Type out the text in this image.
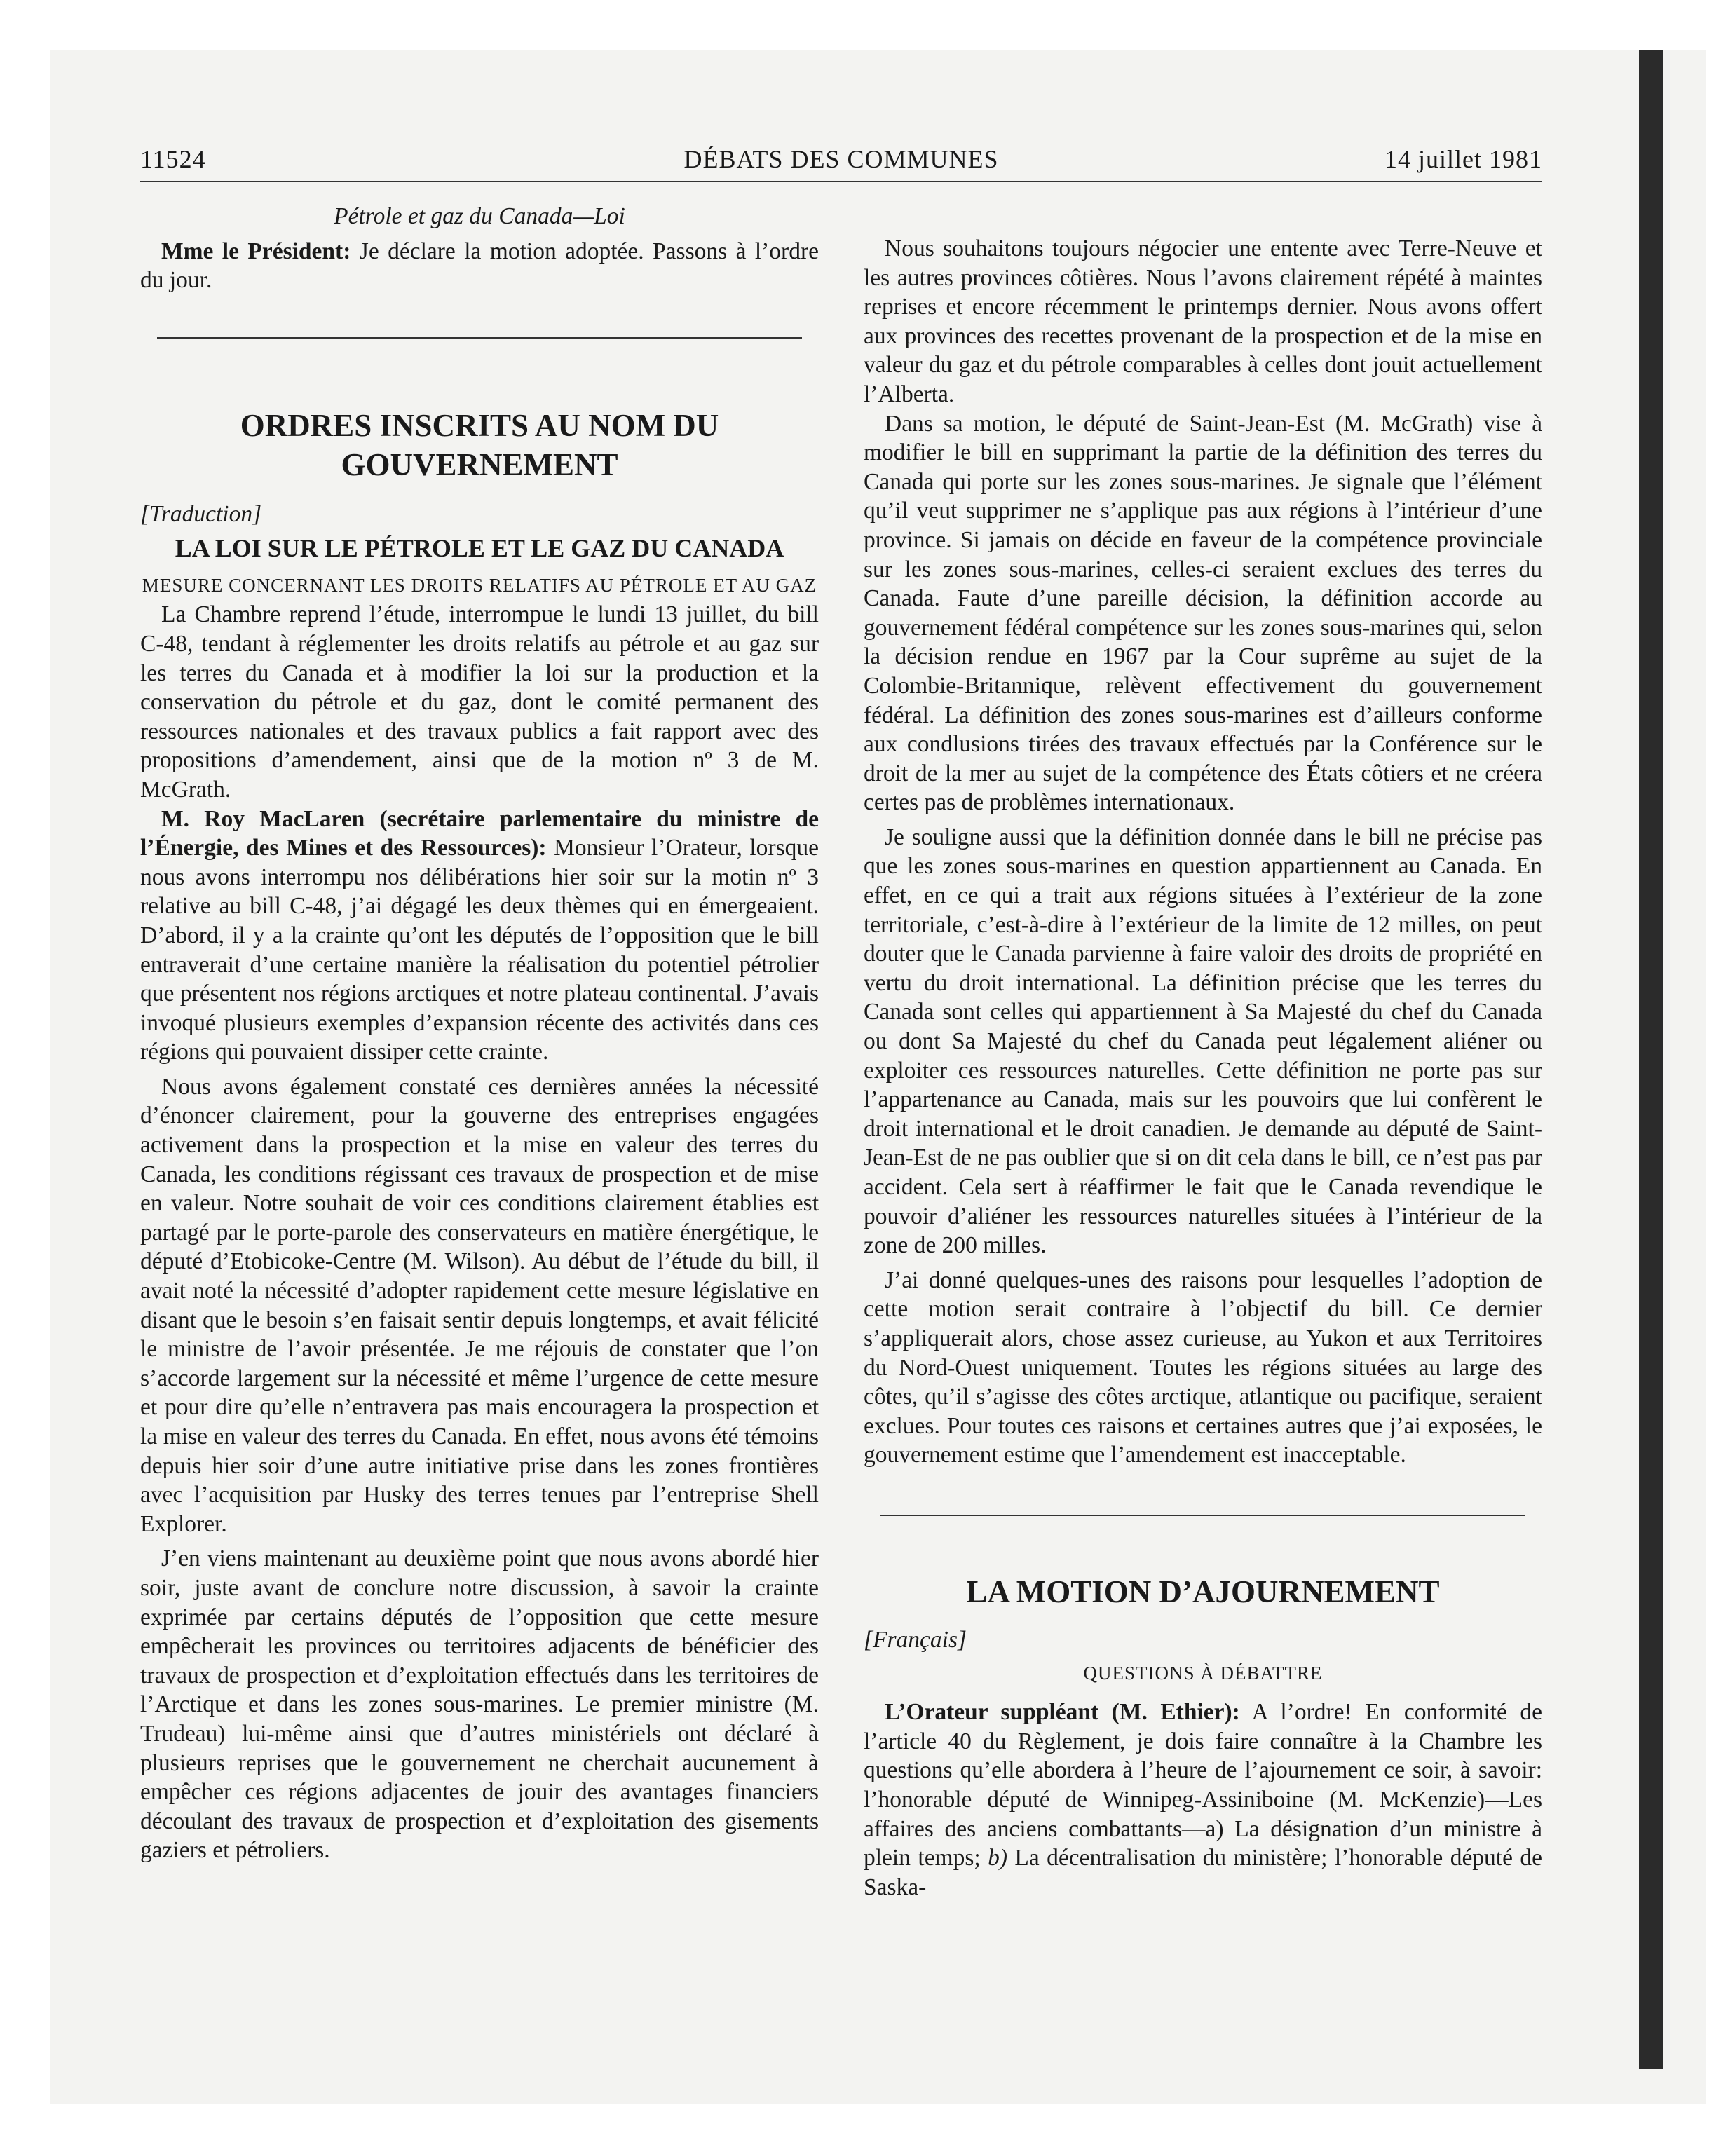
11524	DÉBATS DES COMMUNES	14 juillet 1981
Pétrole et gaz du Canada—Loi

Mme le Président: Je déclare la motion adoptée. Passons à l’ordre du jour.

ORDRES INSCRITS AU NOM DU GOUVERNEMENT
[Traduction]
LA LOI SUR LE PÉTROLE ET LE GAZ DU CANADA
MESURE CONCERNANT LES DROITS RELATIFS AU PÉTROLE ET AU GAZ

La Chambre reprend l’étude, interrompue le lundi 13 juillet, du bill C-48, tendant à réglementer les droits relatifs au pétrole et au gaz sur les terres du Canada et à modifier la loi sur la production et la conservation du pétrole et du gaz, dont le comité permanent des ressources nationales et des travaux publics a fait rapport avec des propositions d’amendement, ainsi que de la motion nº 3 de M. McGrath.

M. Roy MacLaren (secrétaire parlementaire du ministre de l’Énergie, des Mines et des Ressources): Monsieur l’Orateur, lorsque nous avons interrompu nos délibérations hier soir sur la motin nº 3 relative au bill C-48, j’ai dégagé les deux thèmes qui en émergeaient. D’abord, il y a la crainte qu’ont les députés de l’opposition que le bill entraverait d’une certaine manière la réalisation du potentiel pétrolier que présentent nos régions arctiques et notre plateau continental. J’avais invoqué plusieurs exemples d’expansion récente des activités dans ces régions qui pouvaient dissiper cette crainte.

Nous avons également constaté ces dernières années la nécessité d’énoncer clairement, pour la gouverne des entreprises engagées activement dans la prospection et la mise en valeur des terres du Canada, les conditions régissant ces travaux de prospection et de mise en valeur. Notre souhait de voir ces conditions clairement établies est partagé par le porte-parole des conservateurs en matière énergétique, le député d’Etobicoke-Centre (M. Wilson). Au début de l’étude du bill, il avait noté la nécessité d’adopter rapidement cette mesure législative en disant que le besoin s’en faisait sentir depuis longtemps, et avait félicité le ministre de l’avoir présentée. Je me réjouis de constater que l’on s’accorde largement sur la nécessité et même l’urgence de cette mesure et pour dire qu’elle n’entravera pas mais encouragera la prospection et la mise en valeur des terres du Canada. En effet, nous avons été témoins depuis hier soir d’une autre initiative prise dans les zones frontières avec l’acquisition par Husky des terres tenues par l’entreprise Shell Explorer.

J’en viens maintenant au deuxième point que nous avons abordé hier soir, juste avant de conclure notre discussion, à savoir la crainte exprimée par certains députés de l’opposition que cette mesure empêcherait les provinces ou territoires adjacents de bénéficier des travaux de prospection et d’exploitation effectués dans les territoires de l’Arctique et dans les zones sous-marines. Le premier ministre (M. Trudeau) lui-même ainsi que d’autres ministériels ont déclaré à plusieurs reprises que le gouvernement ne cherchait aucunement à empêcher ces régions adjacentes de jouir des avantages financiers découlant des travaux de prospection et d’exploitation des gisements gaziers et pétroliers.

Nous souhaitons toujours négocier une entente avec Terre-Neuve et les autres provinces côtières. Nous l’avons clairement répété à maintes reprises et encore récemment le printemps dernier. Nous avons offert aux provinces des recettes provenant de la prospection et de la mise en valeur du gaz et du pétrole comparables à celles dont jouit actuellement l’Alberta.

Dans sa motion, le député de Saint-Jean-Est (M. McGrath) vise à modifier le bill en supprimant la partie de la définition des terres du Canada qui porte sur les zones sous-marines. Je signale que l’élément qu’il veut supprimer ne s’applique pas aux régions à l’intérieur d’une province. Si jamais on décide en faveur de la compétence provinciale sur les zones sous-marines, celles-ci seraient exclues des terres du Canada. Faute d’une pareille décision, la définition accorde au gouvernement fédéral compétence sur les zones sous-marines qui, selon la décision rendue en 1967 par la Cour suprême au sujet de la Colombie-Britannique, relèvent effectivement du gouvernement fédéral. La définition des zones sous-marines est d’ailleurs conforme aux condlusions tirées des travaux effectués par la Conférence sur le droit de la mer au sujet de la compétence des États côtiers et ne créera certes pas de problèmes internationaux.

Je souligne aussi que la définition donnée dans le bill ne précise pas que les zones sous-marines en question appartiennent au Canada. En effet, en ce qui a trait aux régions situées à l’extérieur de la zone territoriale, c’est-à-dire à l’extérieur de la limite de 12 milles, on peut douter que le Canada parvienne à faire valoir des droits de propriété en vertu du droit international. La définition précise que les terres du Canada sont celles qui appartiennent à Sa Majesté du chef du Canada ou dont Sa Majesté du chef du Canada peut légalement aliéner ou exploiter ces ressources naturelles. Cette définition ne porte pas sur l’appartenance au Canada, mais sur les pouvoirs que lui confèrent le droit international et le droit canadien. Je demande au député de Saint-Jean-Est de ne pas oublier que si on dit cela dans le bill, ce n’est pas par accident. Cela sert à réaffirmer le fait que le Canada revendique le pouvoir d’aliéner les ressources naturelles situées à l’intérieur de la zone de 200 milles.

J’ai donné quelques-unes des raisons pour lesquelles l’adoption de cette motion serait contraire à l’objectif du bill. Ce dernier s’appliquerait alors, chose assez curieuse, au Yukon et aux Territoires du Nord-Ouest uniquement. Toutes les régions situées au large des côtes, qu’il s’agisse des côtes arctique, atlantique ou pacifique, seraient exclues. Pour toutes ces raisons et certaines autres que j’ai exposées, le gouvernement estime que l’amendement est inacceptable.

LA MOTION D’AJOURNEMENT
[Français]
QUESTIONS À DÉBATTRE

L’Orateur suppléant (M. Ethier): A l’ordre! En conformité de l’article 40 du Règlement, je dois faire connaître à la Chambre les questions qu’elle abordera à l’heure de l’ajournement ce soir, à savoir: l’honorable député de Winnipeg-Assiniboine (M. McKenzie)—Les affaires des anciens combattants—a) La désignation d’un ministre à plein temps; b) La décentralisation du ministère; l’honorable député de Saska-
